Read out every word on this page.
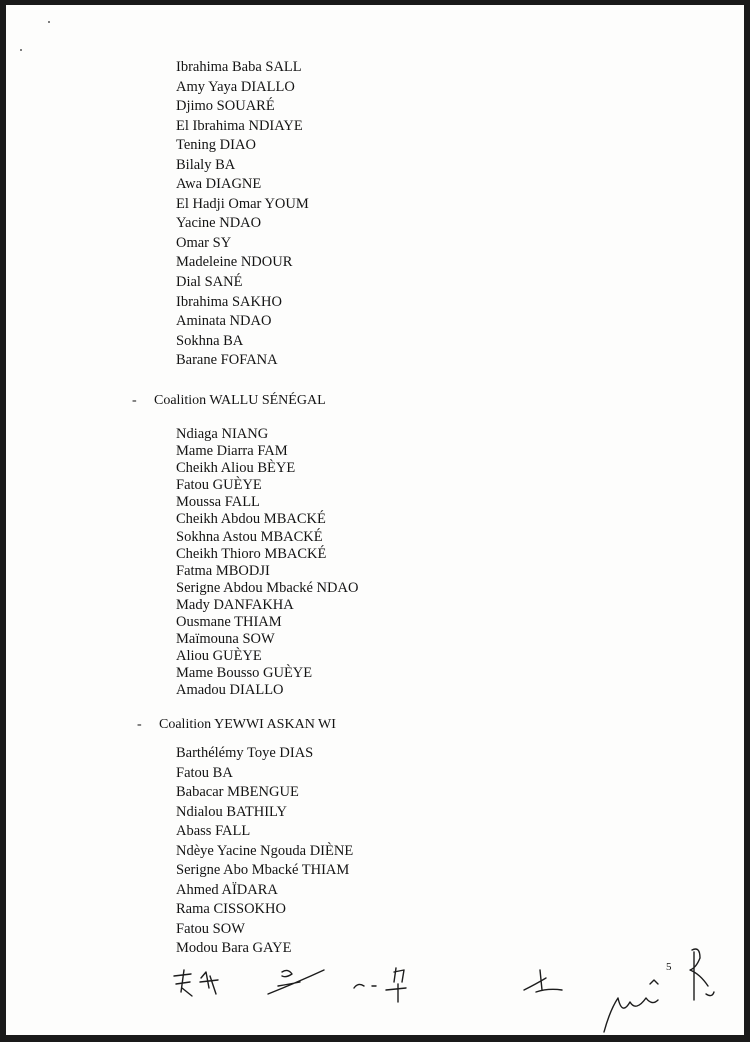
Ibrahima Baba SALL
Amy Yaya DIALLO
Djimo SOUARÉ
El Ibrahima NDIAYE
Tening DIAO
Bilaly BA
Awa DIAGNE
El Hadji Omar YOUM
Yacine NDAO
Omar SY
Madeleine NDOUR
Dial SANÉ
Ibrahima SAKHO
Aminata NDAO
Sokhna BA
Barane FOFANA
- Coalition WALLU SÉNÉGAL
Ndiaga NIANG
Mame Diarra FAM
Cheikh Aliou BÈYE
Fatou GUÈYE
Moussa FALL
Cheikh Abdou MBACKÉ
Sokhna Astou MBACKÉ
Cheikh Thioro MBACKÉ
Fatma MBODJI
Serigne Abdou Mbacké NDAO
Mady DANFAKHA
Ousmane THIAM
Maïmouna SOW
Aliou GUÈYE
Mame Bousso GUÈYE
Amadou DIALLO
- Coalition YEWWI ASKAN WI
Barthélémy Toye DIAS
Fatou BA
Babacar MBENGUE
Ndialou BATHILY
Abass FALL
Ndèye Yacine Ngouda DIÈNE
Serigne Abo Mbacké THIAM
Ahmed AÏDARA
Rama CISSOKHO
Fatou SOW
Modou Bara GAYE
5
